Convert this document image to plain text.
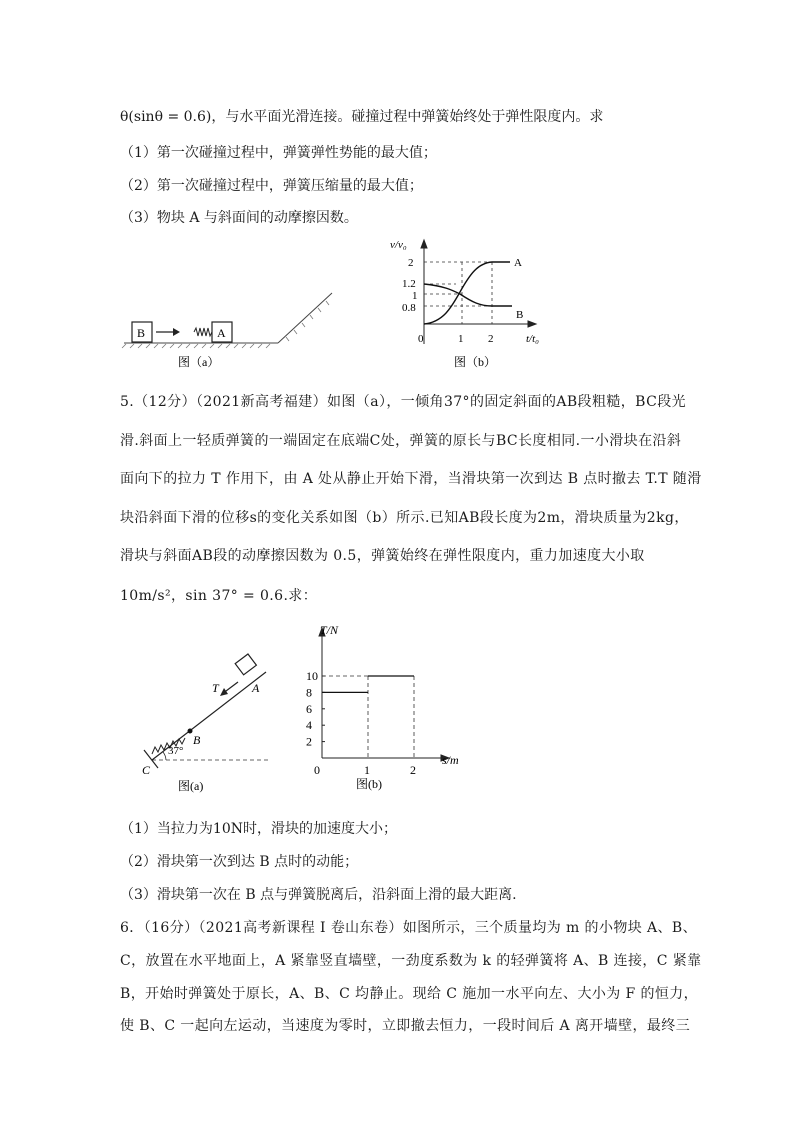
θ(sinθ = 0.6)，与水平面光滑连接。碰撞过程中弹簧始终处于弹性限度内。求
（1）第一次碰撞过程中，弹簧弹性势能的最大值；
（2）第一次碰撞过程中，弹簧压缩量的最大值；
（3）物块 A 与斜面间的动摩擦因数。
B	A
图（a）
v/v₀
t/t₀
2
1.2
1
0.8
0	1 2
A
B
图（b）
5.（12分）（2021新高考福建）如图（a），一倾角37°的固定斜面的AB段粗糙，BC段光
滑.斜面上一轻质弹簧的一端固定在底端C处，弹簧的原长与BC长度相同.一小滑块在沿斜
面向下的拉力 T 作用下，由 A 处从静止开始下滑，当滑块第一次到达 B 点时撤去 T.T 随滑
块沿斜面下滑的位移s的变化关系如图（b）所示.已知AB段长度为2m，滑块质量为2kg，
滑块与斜面AB段的动摩擦因数为 0.5，弹簧始终在弹性限度内，重力加速度大小取
10m/s²，sin 37° = 0.6.求：
T	A
B
C
37°
图(a)
T/N
s/m
10
8
6
4
2
0	1	2
图(b)
（1）当拉力为10N时，滑块的加速度大小；
（2）滑块第一次到达 B 点时的动能；
（3）滑块第一次在 B 点与弹簧脱离后，沿斜面上滑的最大距离.
6．（16分）（2021高考新课程 I 卷山东卷）如图所示，三个质量均为 m 的小物块 A、B、
C，放置在水平地面上，A 紧靠竖直墙壁，一劲度系数为 k 的轻弹簧将 A、B 连接，C 紧靠
B，开始时弹簧处于原长，A、B、C 均静止。现给 C 施加一水平向左、大小为 F 的恒力，
使 B、C 一起向左运动，当速度为零时，立即撤去恒力，一段时间后 A 离开墙壁，最终三
